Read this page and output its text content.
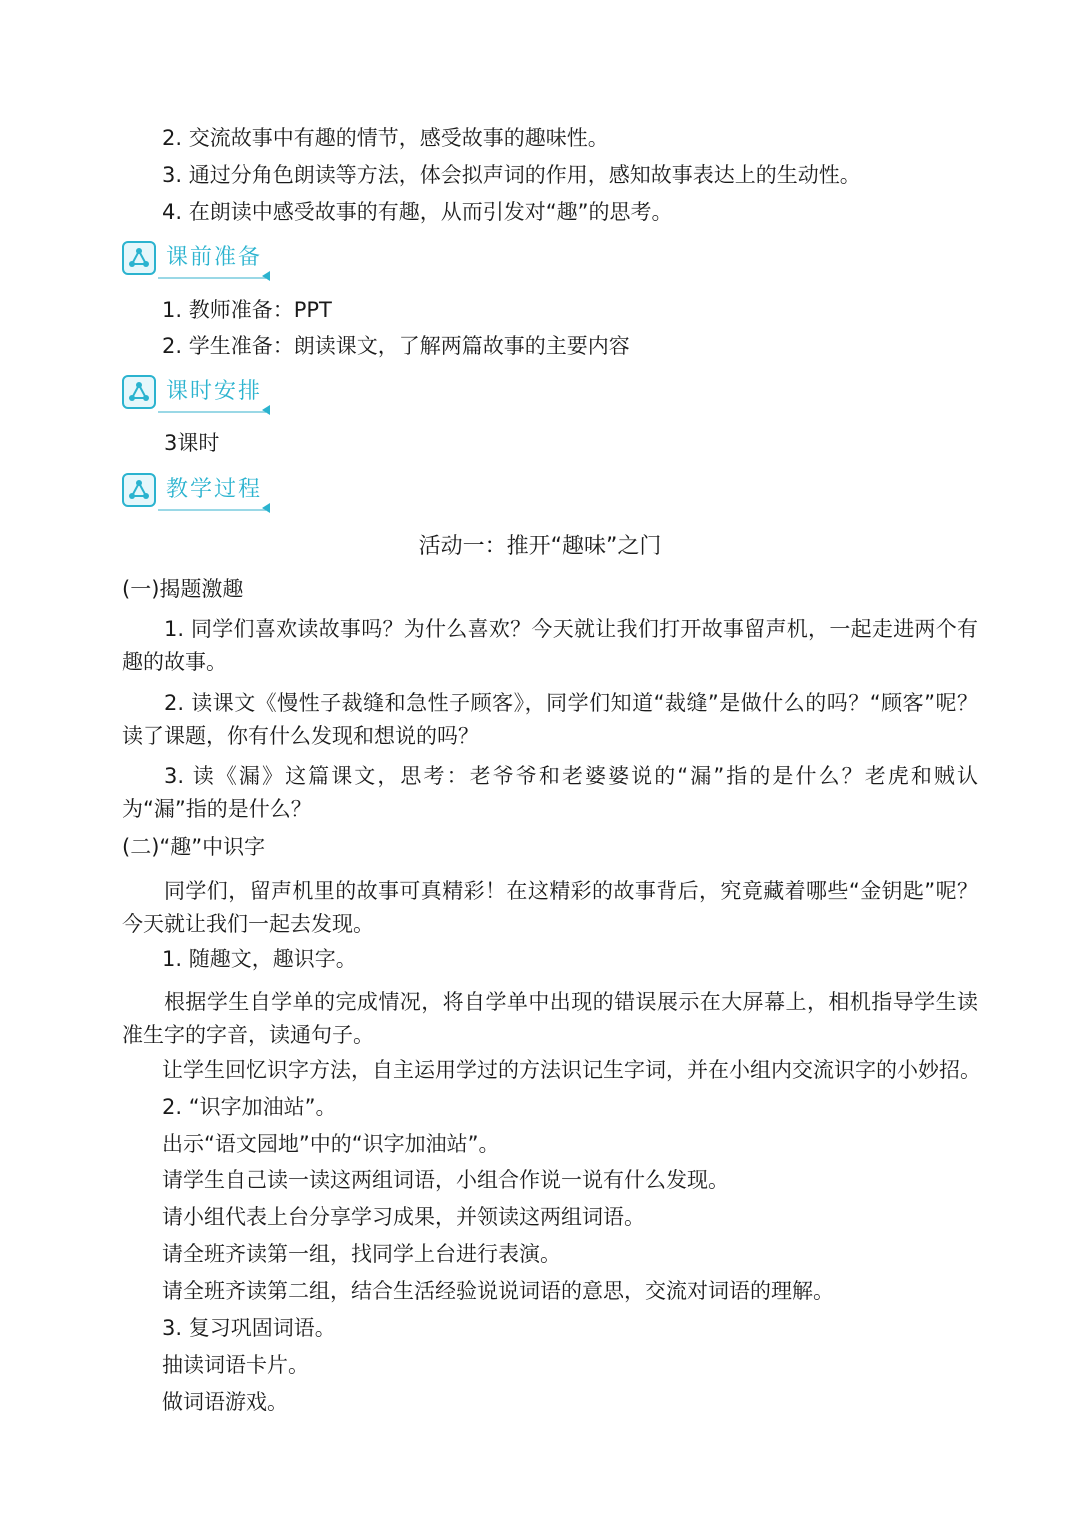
2. 交流故事中有趣的情节，感受故事的趣味性。
3. 通过分角色朗读等方法，体会拟声词的作用，感知故事表达上的生动性。
4. 在朗读中感受故事的有趣，从而引发对“趣”的思考。
课前准备
1. 教师准备：PPT
2. 学生准备：朗读课文，了解两篇故事的主要内容
课时安排
3课时
教学过程
活动一：推开“趣味”之门
(一)揭题激趣
1. 同学们喜欢读故事吗？为什么喜欢？今天就让我们打开故事留声机，一起走进两个有趣的故事。
2. 读课文《慢性子裁缝和急性子顾客》，同学们知道“裁缝”是做什么的吗？“顾客”呢？读了课题，你有什么发现和想说的吗？
3. 读《漏》这篇课文，思考：老爷爷和老婆婆说的“漏”指的是什么？老虎和贼认为“漏”指的是什么？
(二)“趣”中识字
同学们，留声机里的故事可真精彩！在这精彩的故事背后，究竟藏着哪些“金钥匙”呢？今天就让我们一起去发现。
1. 随趣文，趣识字。
根据学生自学单的完成情况，将自学单中出现的错误展示在大屏幕上，相机指导学生读准生字的字音，读通句子。
让学生回忆识字方法，自主运用学过的方法识记生字词，并在小组内交流识字的小妙招。
2. “识字加油站”。
出示“语文园地”中的“识字加油站”。
请学生自己读一读这两组词语，小组合作说一说有什么发现。
请小组代表上台分享学习成果，并领读这两组词语。
请全班齐读第一组，找同学上台进行表演。
请全班齐读第二组，结合生活经验说说词语的意思，交流对词语的理解。
3. 复习巩固词语。
抽读词语卡片。
做词语游戏。
